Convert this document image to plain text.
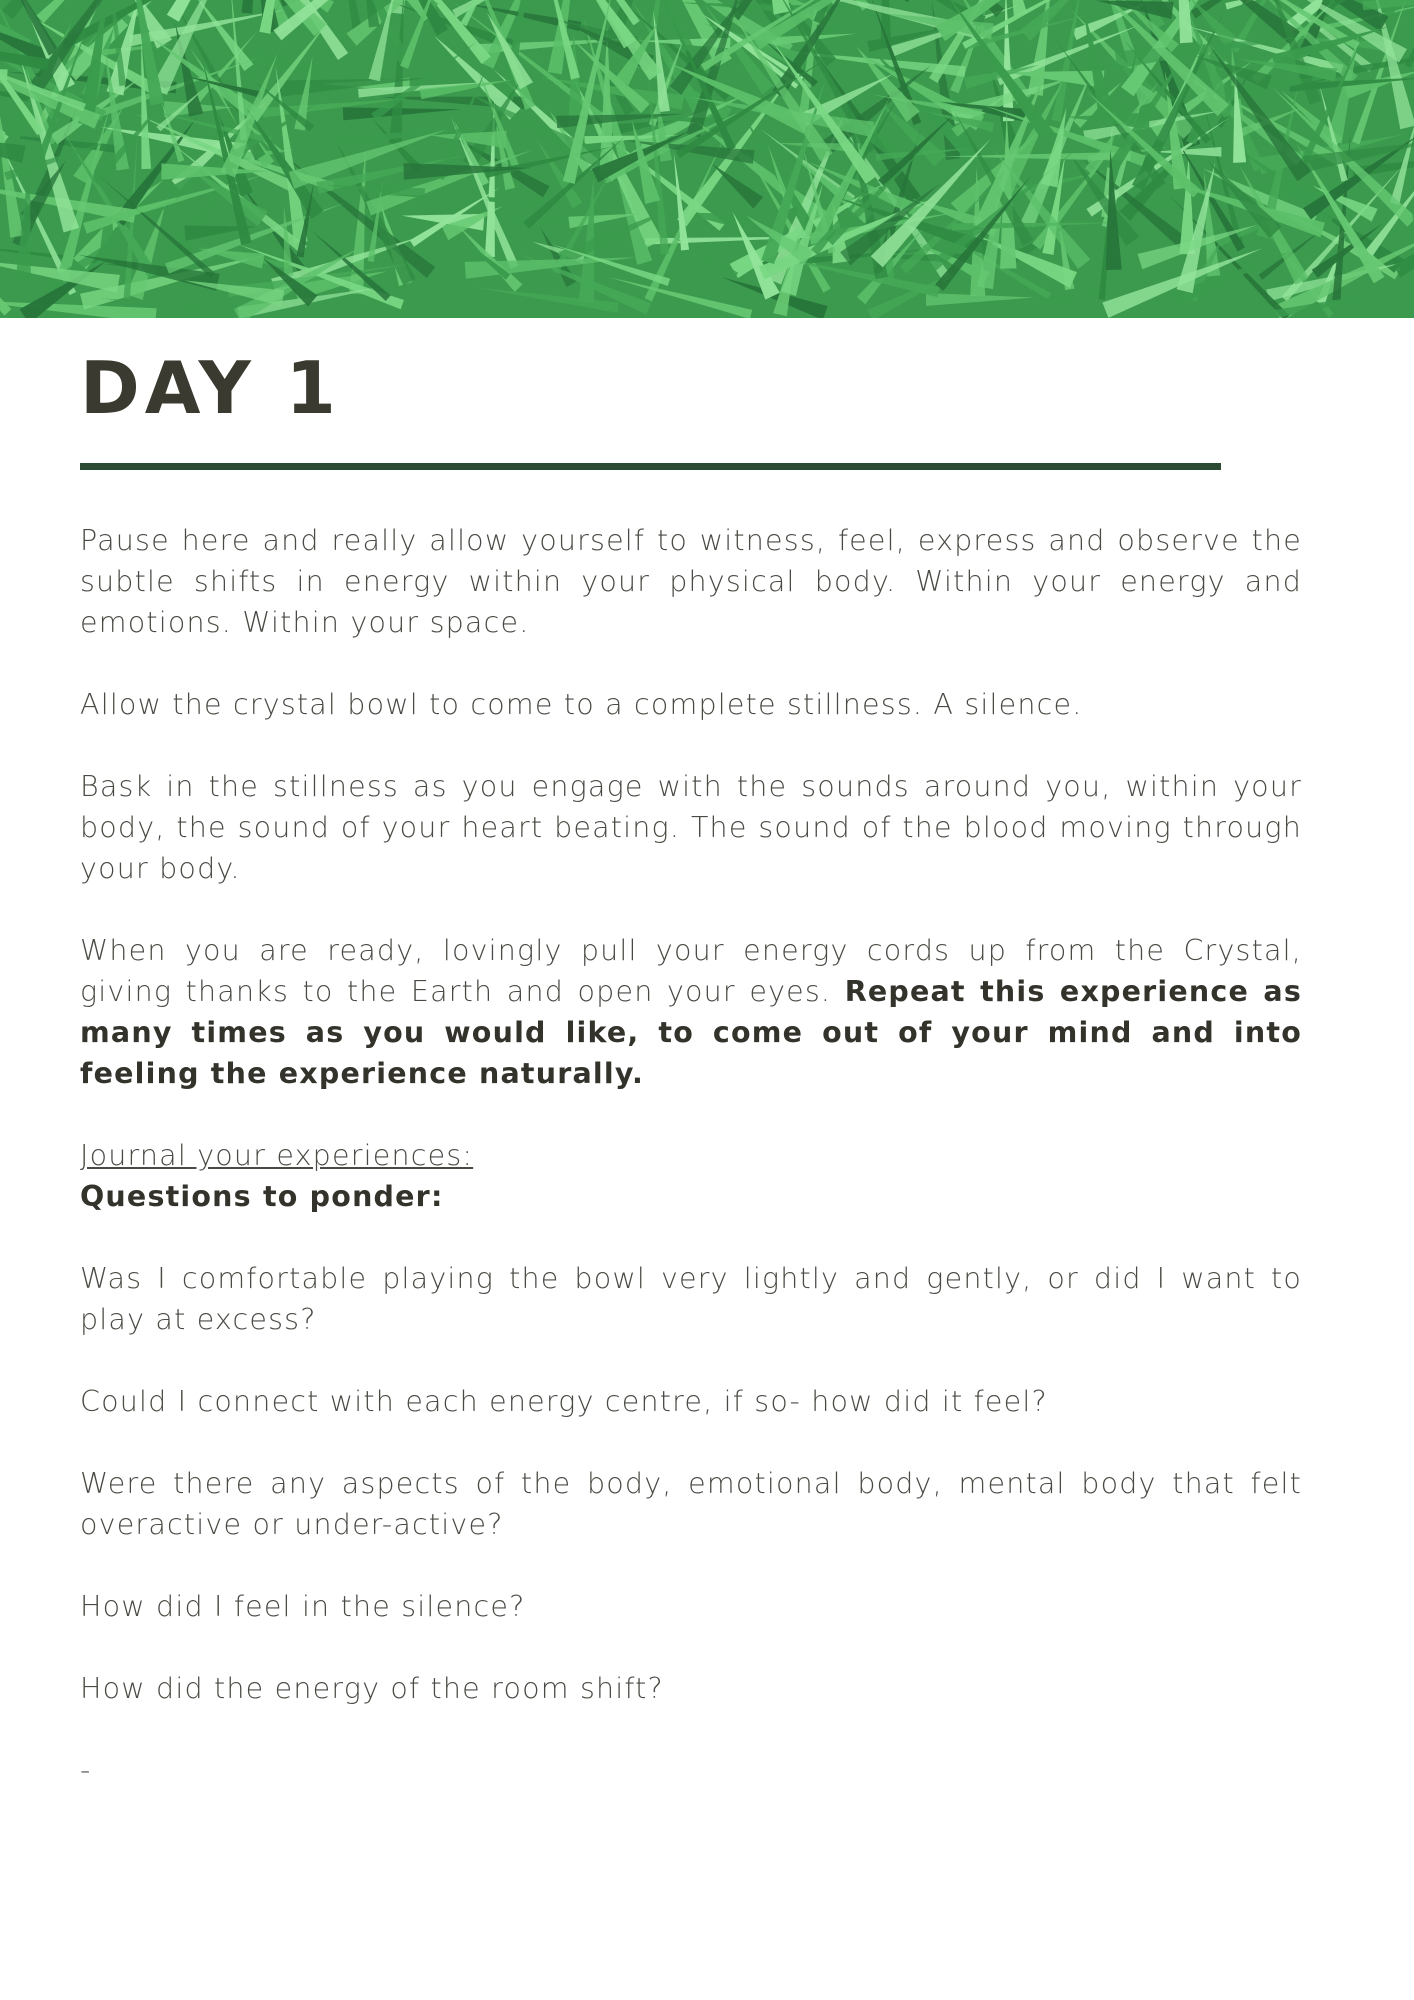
DAY 1

Pause here and really allow yourself to witness, feel, express and observe the subtle shifts in energy within your physical body. Within your energy and emotions. Within your space.

Allow the crystal bowl to come to a complete stillness. A silence.

Bask in the stillness as you engage with the sounds around you, within your body, the sound of your heart beating. The sound of the blood moving through your body.

When you are ready, lovingly pull your energy cords up from the Crystal, giving thanks to the Earth and open your eyes. Repeat this experience as many times as you would like, to come out of your mind and into feeling the experience naturally.

Journal your experiences:
Questions to ponder:

Was I comfortable playing the bowl very lightly and gently, or did I want to play at excess?

Could I connect with each energy centre, if so- how did it feel?

Were there any aspects of the body, emotional body, mental body that felt overactive or under-active?

How did I feel in the silence?

How did the energy of the room shift?

-
